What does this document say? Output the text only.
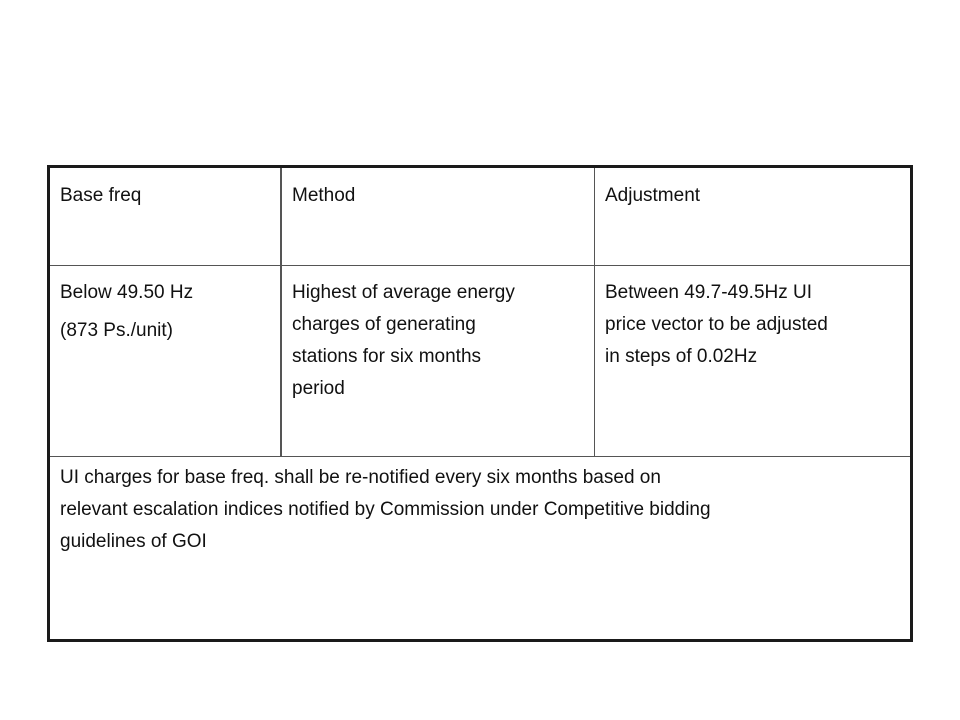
Base freq	Method	Adjustment
Below 49.50 Hz
(873 Ps./unit)
Highest of average energy
charges of generating
stations for six months
period
Between 49.7-49.5Hz UI
price vector to be adjusted
in steps of 0.02Hz
UI charges for base freq. shall be re-notified every six months based on
relevant escalation indices notified by Commission under Competitive bidding
guidelines of GOI
